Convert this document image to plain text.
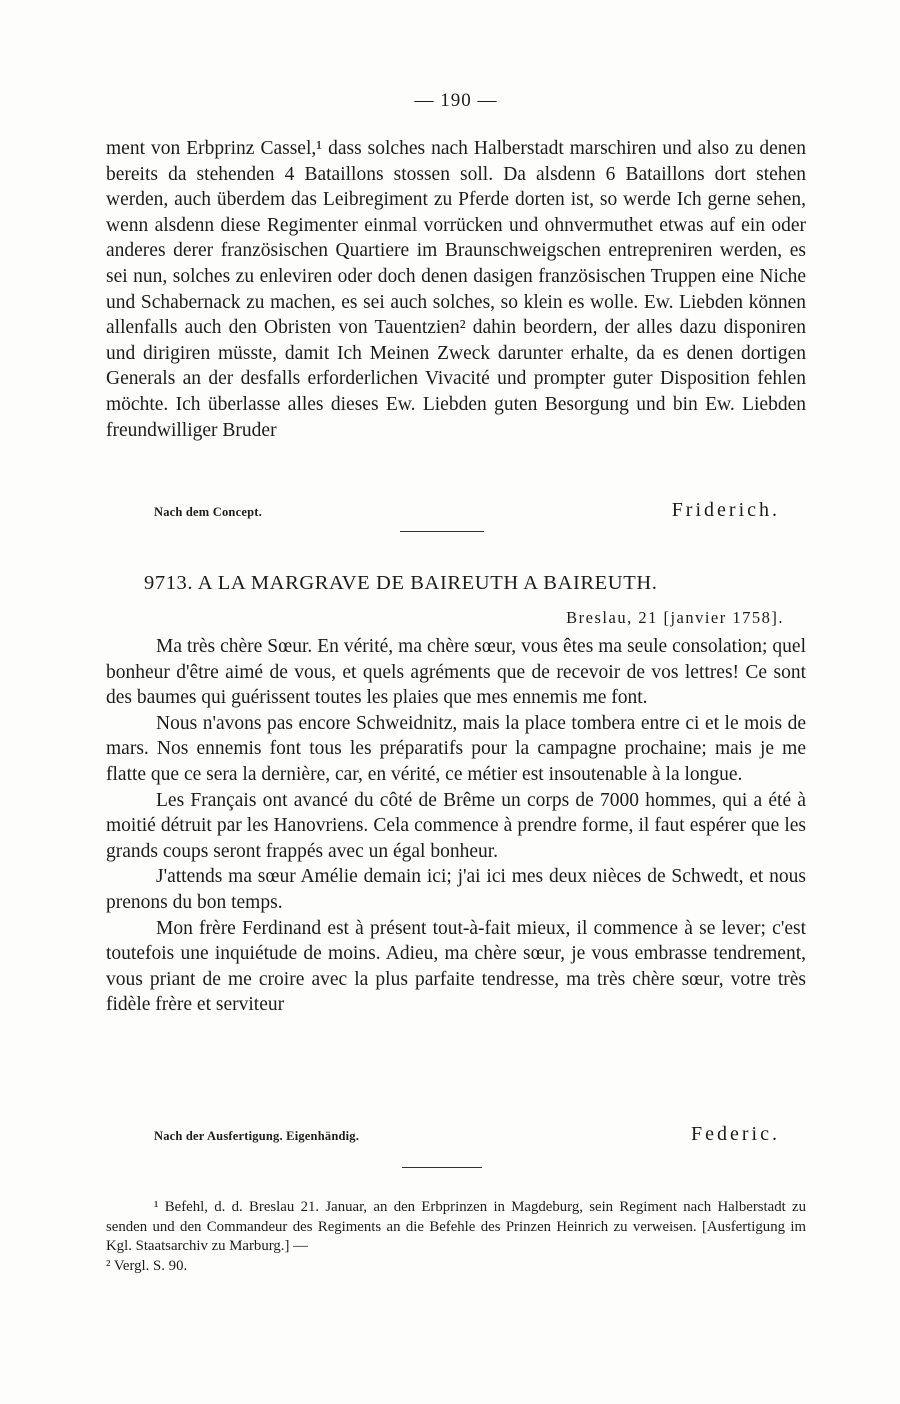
— 190 —

ment von Erbprinz Cassel,¹ dass solches nach Halberstadt marschiren und also zu denen bereits da stehenden 4 Bataillons stossen soll. Da alsdenn 6 Bataillons dort stehen werden, auch überdem das Leibregiment zu Pferde dorten ist, so werde Ich gerne sehen, wenn alsdenn diese Regimenter einmal vorrücken und ohnvermuthet etwas auf ein oder anderes derer französischen Quartiere im Braunschweigschen entrepreniren werden, es sei nun, solches zu enleviren oder doch denen dasigen französischen Truppen eine Niche und Schabernack zu machen, es sei auch solches, so klein es wolle. Ew. Liebden können allenfalls auch den Obristen von Tauentzien² dahin beordern, der alles dazu disponiren und dirigiren müsste, damit Ich Meinen Zweck darunter erhalte, da es denen dortigen Generals an der desfalls erforderlichen Vivacité und prompter guter Disposition fehlen möchte. Ich überlasse alles dieses Ew. Liebden guten Besorgung und bin Ew. Liebden freundwilliger Bruder

Nach dem Concept.	Friderich.
9713. A LA MARGRAVE DE BAIREUTH A BAIREUTH.
Breslau, 21 [janvier 1758].

Ma très chère Sœur. En vérité, ma chère sœur, vous êtes ma seule consolation; quel bonheur d'être aimé de vous, et quels agréments que de recevoir de vos lettres! Ce sont des baumes qui guérissent toutes les plaies que mes ennemis me font.

Nous n'avons pas encore Schweidnitz, mais la place tombera entre ci et le mois de mars. Nos ennemis font tous les préparatifs pour la campagne prochaine; mais je me flatte que ce sera la dernière, car, en vérité, ce métier est insoutenable à la longue.

Les Français ont avancé du côté de Brême un corps de 7000 hommes, qui a été à moitié détruit par les Hanovriens. Cela commence à prendre forme, il faut espérer que les grands coups seront frappés avec un égal bonheur.

J'attends ma sœur Amélie demain ici; j'ai ici mes deux nièces de Schwedt, et nous prenons du bon temps.

Mon frère Ferdinand est à présent tout-à-fait mieux, il commence à se lever; c'est toutefois une inquiétude de moins. Adieu, ma chère sœur, je vous embrasse tendrement, vous priant de me croire avec la plus parfaite tendresse, ma très chère sœur, votre très fidèle frère et serviteur

Nach der Ausfertigung. Eigenhändig.	Federic.

¹ Befehl, d. d. Breslau 21. Januar, an den Erbprinzen in Magdeburg, sein Regiment nach Halberstadt zu senden und den Commandeur des Regiments an die Befehle des Prinzen Heinrich zu verweisen. [Ausfertigung im Kgl. Staatsarchiv zu Marburg.] —

² Vergl. S. 90.
